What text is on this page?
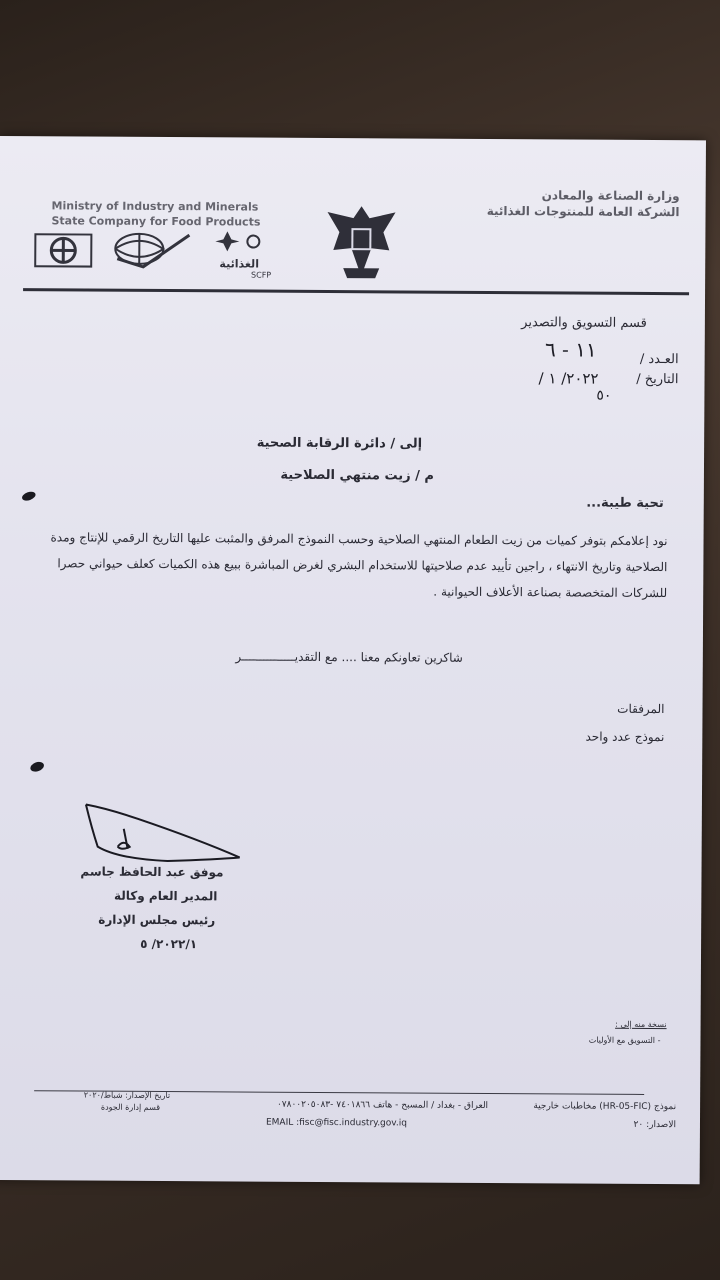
Ministry of Industry and Minerals
State Company for Food Products
وزارة الصناعة والمعادن
الشركة العامة للمنتوجات الغذائية
الغذائية
SCFP
قسم التسويق والتصدير
العـدد /
١١ - ٦
التاريخ /
٢٠٢٢/ ١ /
٥٠
إلى / دائرة الرقابة الصحية
م / زيت منتهي الصلاحية
تحية طيبة...
نود إعلامكم بتوفر كميات من زيت الطعام المنتهي الصلاحية وحسب النموذج المرفق والمثبت عليها التاريخ الرقمي للإنتاج ومدة الصلاحية وتاريخ الانتهاء ، راجين تأييد عدم صلاحيتها للاستخدام البشري لغرض المباشرة ببيع هذه الكميات كعلف حيواني حصرا للشركات المتخصصة بصناعة الأعلاف الحيوانية .
شاكرين تعاونكم معنا .... مع التقديـــــــــــــــر
المرفقات
نموذج عدد واحد
موفق عبد الحافظ جاسم
المدير العام وكالة
رئيس مجلس الإدارة
٢٠٢٢/١/ ٥
نسخة منه إلى :
- التسويق مع الأوليات
نموذج (HR-05-FIC) مخاطبات خارجية
العراق - بغداد / المسبح - هاتف ٧٤٠١٨٦٦ -٠٧٨٠٠٢٠٥٠٨٣
EMAIL :fisc@fisc.industry.gov.iq	الاصدار: ٢٠
تاريخ الإصدار: شباط/٢٠٢٠
قسم إدارة الجودة
